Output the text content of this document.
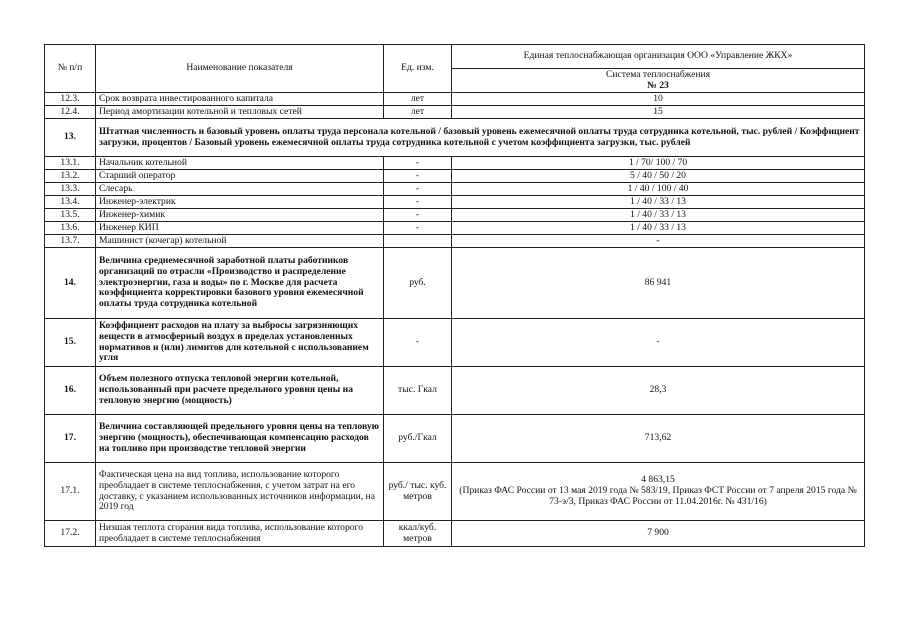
№ п/п	Наименование показателя	Ед. изм.	Единая теплоснабжающая организация ООО «Управление ЖКХ»

			Система теплоснабжения
№ 23

12.3.	Срок возврата инвестированного капитала	лет	10
12.4.	Период амортизации котельной и тепловых сетей	лет	15
13.	Штатная численность и базовый уровень оплаты труда персонала котельной / базовый уровень ежемесячной оплаты труда сотрудника котельной, тыс. рублей / Коэффициент загрузки, процентов / Базовый уровень ежемесячной оплаты труда сотрудника котельной с учетом коэффициента загрузки, тыс. рублей		
13.1.	Начальник котельной	-	1 / 70/ 100 / 70
13.2.	Старший оператор	-	5 / 40 / 50 / 20
13.3.	Слесарь	-	1 / 40 / 100 / 40
13.4.	Инженер-электрик	-	1 / 40 / 33 / 13
13.5.	Инженер-химик	-	1 / 40 / 33 / 13
13.6.	Инженер КИП	-	1 / 40 / 33 / 13
13.7.	Машинист (кочегар) котельной		-
14.	Величина среднемесячной заработной платы работников организаций по отрасли «Производство и распределение электроэнергии, газа и воды» по г. Москве для расчета коэффициента корректировки базового уровня ежемесячной оплаты труда сотрудника котельной	руб.	86 941
15.	Коэффициент расходов на плату за выбросы загрязняющих веществ в атмосферный воздух в пределах установленных нормативов и (или) лимитов для котельной с использованием угля	-	-
16.	Объем полезного отпуска тепловой энергии котельной, использованный при расчете предельного уровня цены на тепловую энергию (мощность)	тыс. Гкал	28,3
17.	Величина составляющей предельного уровня цены на тепловую энергию (мощность), обеспечивающая компенсацию расходов на топливо при производстве тепловой энергии	руб./Гкал	713,62
17.1.	Фактическая цена на вид топлива, использование которого преобладает в системе теплоснабжения, с учетом затрат на его доставку, с указанием использованных источников информации, на 2019 год	руб./ тыс. куб. метров	4 863,15
(Приказ ФАС России от 13 мая 2019 года № 583/19, Приказ ФСТ России от 7 апреля 2015 года № 73-э/3, Приказ ФАС России от 11.04.2016г. № 431/16)

17.2.	Низшая теплота сгорания вида топлива, использование которого преобладает в системе теплоснабжения	ккал/куб. метров	7 900
